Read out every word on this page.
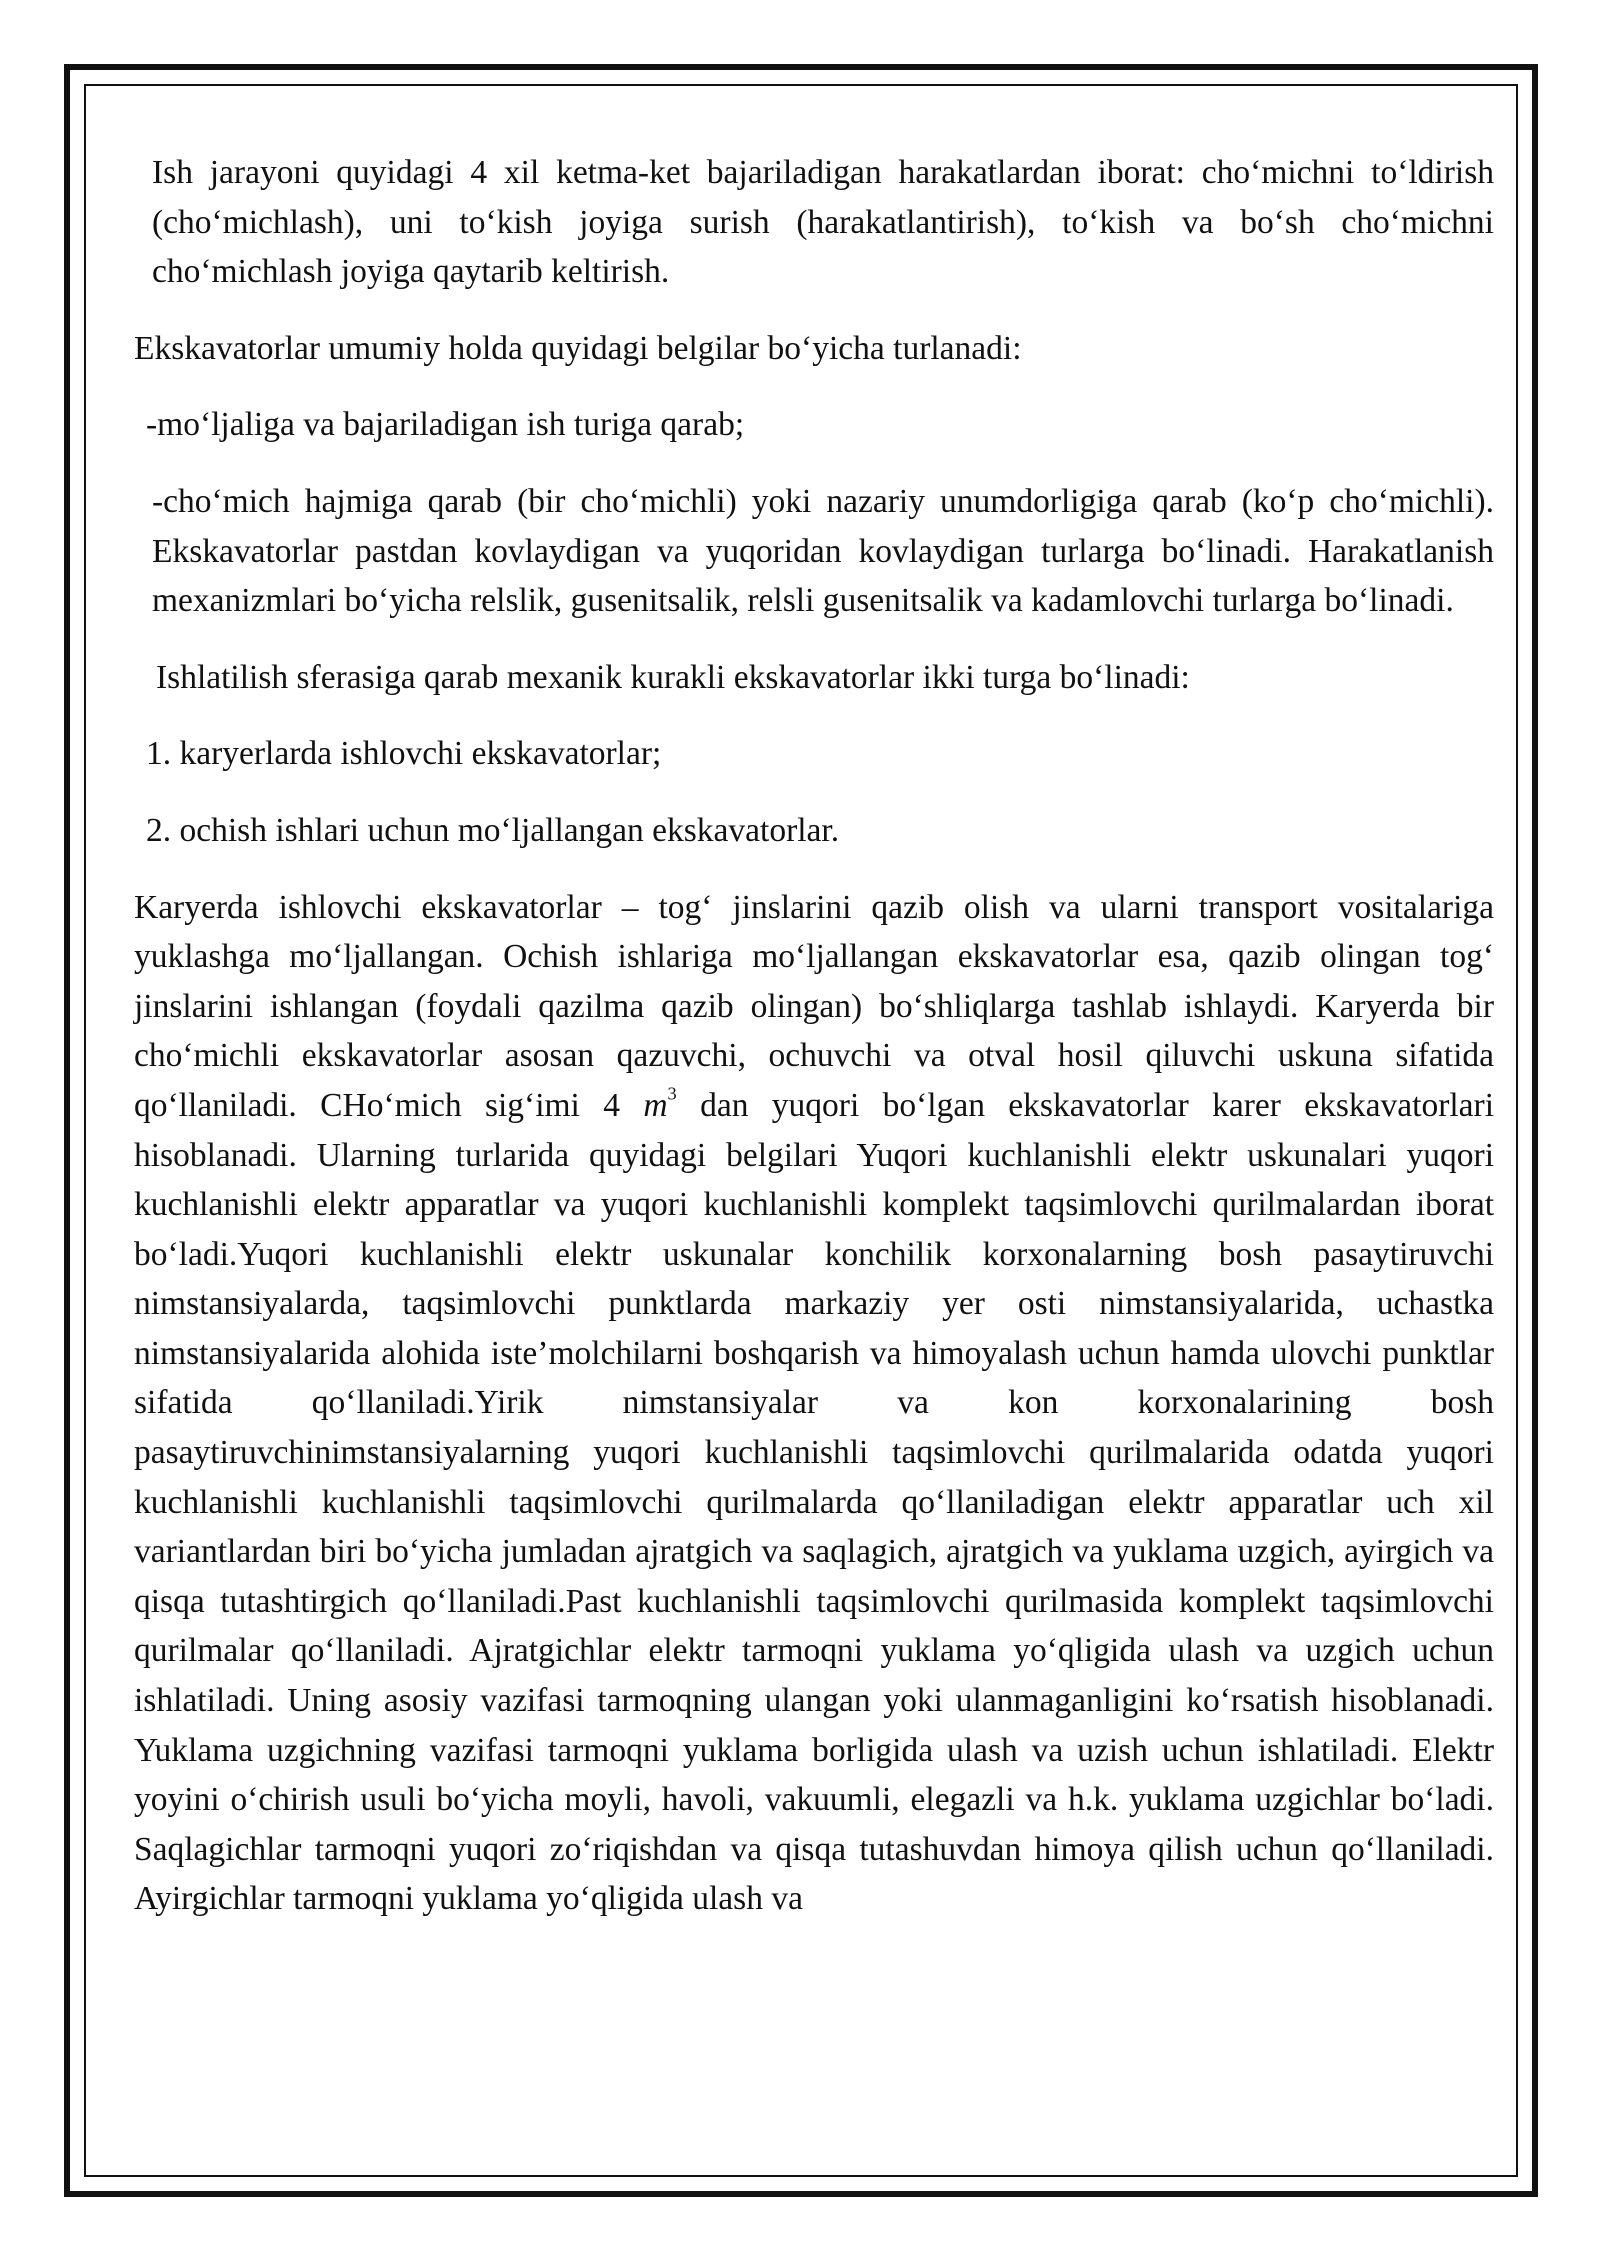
Ish jarayoni quyidagi 4 xil ketma-ket bajariladigan harakatlardan iborat: cho‘michni to‘ldirish (cho‘michlash), uni to‘kish joyiga surish (harakatlantirish), to‘kish va bo‘sh cho‘michni cho‘michlash joyiga qaytarib keltirish.

Ekskavatorlar umumiy holda quyidagi belgilar bo‘yicha turlanadi:

-mo‘ljaliga va bajariladigan ish turiga qarab;

-cho‘mich hajmiga qarab (bir cho‘michli) yoki nazariy unumdorligiga qarab (ko‘p cho‘michli). Ekskavatorlar pastdan kovlaydigan va yuqoridan kovlaydigan turlarga bo‘linadi. Harakatlanish mexanizmlari bo‘yicha relslik, gusenitsalik, relsli gusenitsalik va kadamlovchi turlarga bo‘linadi.

Ishlatilish sferasiga qarab mexanik kurakli ekskavatorlar ikki turga bo‘linadi:

1. karyerlarda ishlovchi ekskavatorlar;

2. ochish ishlari uchun mo‘ljallangan ekskavatorlar.

Karyerda ishlovchi ekskavatorlar – tog‘ jinslarini qazib olish va ularni transport vositalariga yuklashga mo‘ljallangan. Ochish ishlariga mo‘ljallangan ekskavatorlar esa, qazib olingan tog‘ jinslarini ishlangan (foydali qazilma qazib olingan) bo‘shliqlarga tashlab ishlaydi. Karyerda bir cho‘michli ekskavatorlar asosan qazuvchi, ochuvchi va otval hosil qiluvchi uskuna sifatida qo‘llaniladi. CHo‘mich sig‘imi 4 $m^3$ dan yuqori bo‘lgan ekskavatorlar karer ekskavatorlari hisoblanadi. Ularning turlarida quyidagi belgilari Yuqori kuchlanishli elektr uskunalari yuqori kuchlanishli elektr apparatlar va yuqori kuchlanishli komplekt taqsimlovchi qurilmalardan iborat bo‘ladi.Yuqori kuchlanishli elektr uskunalar konchilik korxonalarning bosh pasaytiruvchi nimstansiyalarda, taqsimlovchi punktlarda markaziy yer osti nimstansiyalarida, uchastka nimstansiyalarida alohida iste’molchilarni boshqarish va himoyalash uchun hamda ulovchi punktlar sifatida qo‘llaniladi.Yirik nimstansiyalar va kon korxonalarining bosh pasaytiruvchinimstansiyalarning yuqori kuchlanishli taqsimlovchi qurilmalarida odatda yuqori kuchlanishli kuchlanishli taqsimlovchi qurilmalarda qo‘llaniladigan elektr apparatlar uch xil variantlardan biri bo‘yicha jumladan ajratgich va saqlagich, ajratgich va yuklama uzgich, ayirgich va qisqa tutashtirgich qo‘llaniladi.Past kuchlanishli taqsimlovchi qurilmasida komplekt taqsimlovchi qurilmalar qo‘llaniladi. Ajratgichlar elektr tarmoqni yuklama yo‘qligida ulash va uzgich uchun ishlatiladi. Uning asosiy vazifasi tarmoqning ulangan yoki ulanmaganligini ko‘rsatish hisoblanadi. Yuklama uzgichning vazifasi tarmoqni yuklama borligida ulash va uzish uchun ishlatiladi. Elektr yoyini o‘chirish usuli bo‘yicha moyli, havoli, vakuumli, elegazli va h.k. yuklama uzgichlar bo‘ladi. Saqlagichlar tarmoqni yuqori zo‘riqishdan va qisqa tutashuvdan himoya qilish uchun qo‘llaniladi. Ayirgichlar tarmoqni yuklama yo‘qligida ulash va
